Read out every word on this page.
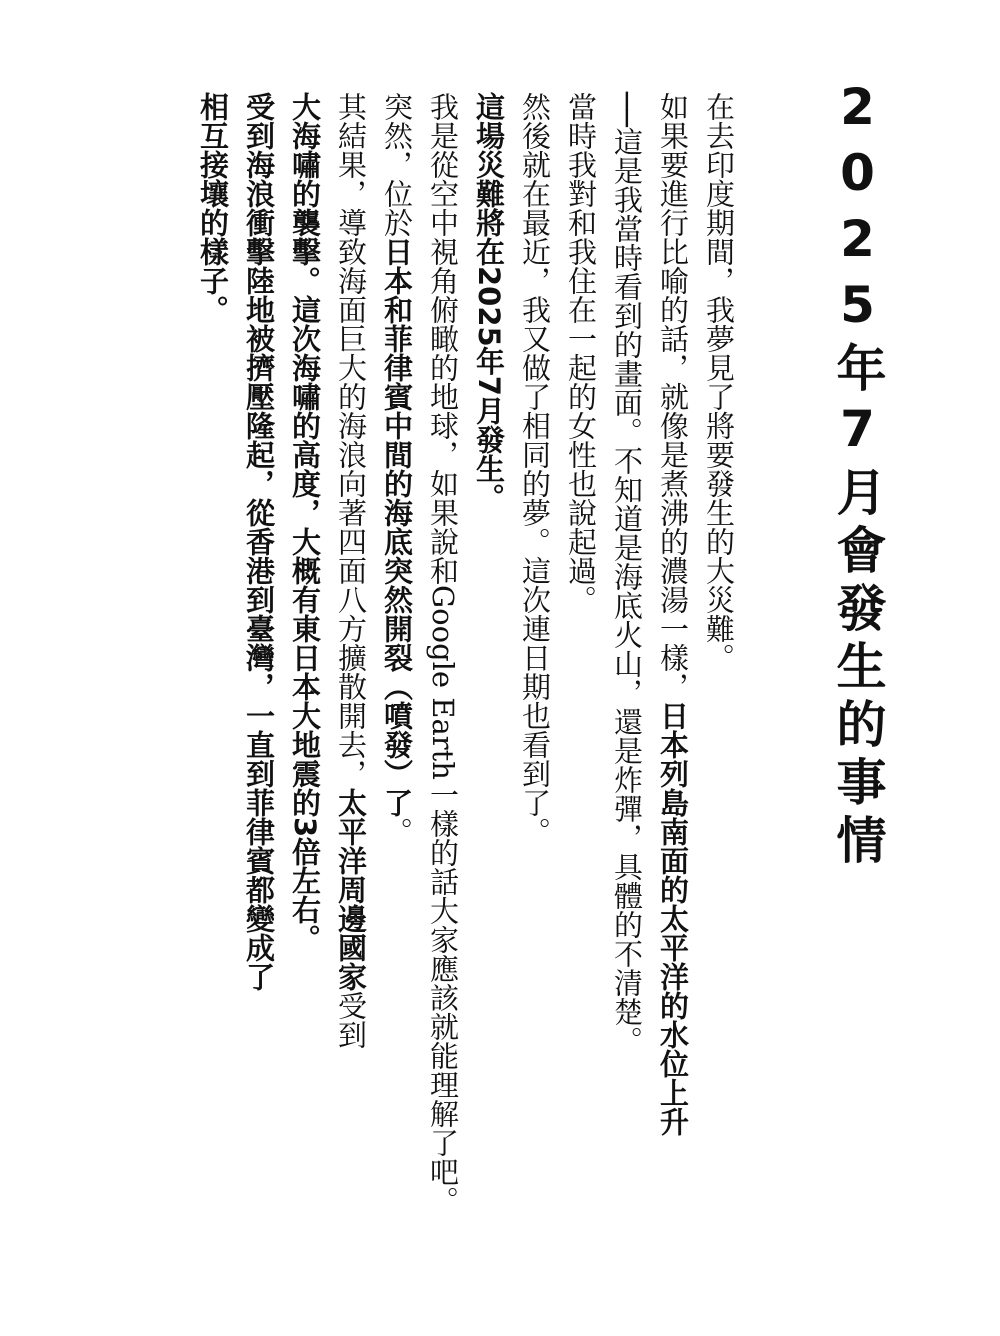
2025年7月會發生的事情
在去印度期間，我夢見了將要發生的大災難。
如果要進行比喻的話，就像是煮沸的濃湯一樣，日本列島南面的太平洋的水位上升
──這是我當時看到的畫面。不知道是海底火山，還是炸彈，具體的不清楚。
當時我對和我住在一起的女性也說起過。
然後就在最近，我又做了相同的夢。這次連日期也看到了。
這場災難將在2025年7月發生。
我是從空中視角俯瞰的地球，如果說和Google Earth一樣的話大家應該就能理解了吧。
突然，位於日本和菲律賓中間的海底突然開裂（噴發）了。
其結果，導致海面巨大的海浪向著四面八方擴散開去，太平洋周邊國家受到
大海嘯的襲擊。這次海嘯的高度，大概有東日本大地震的3倍左右。
受到海浪衝擊陸地被擠壓隆起，從香港到臺灣，一直到菲律賓都變成了
相互接壤的樣子。
